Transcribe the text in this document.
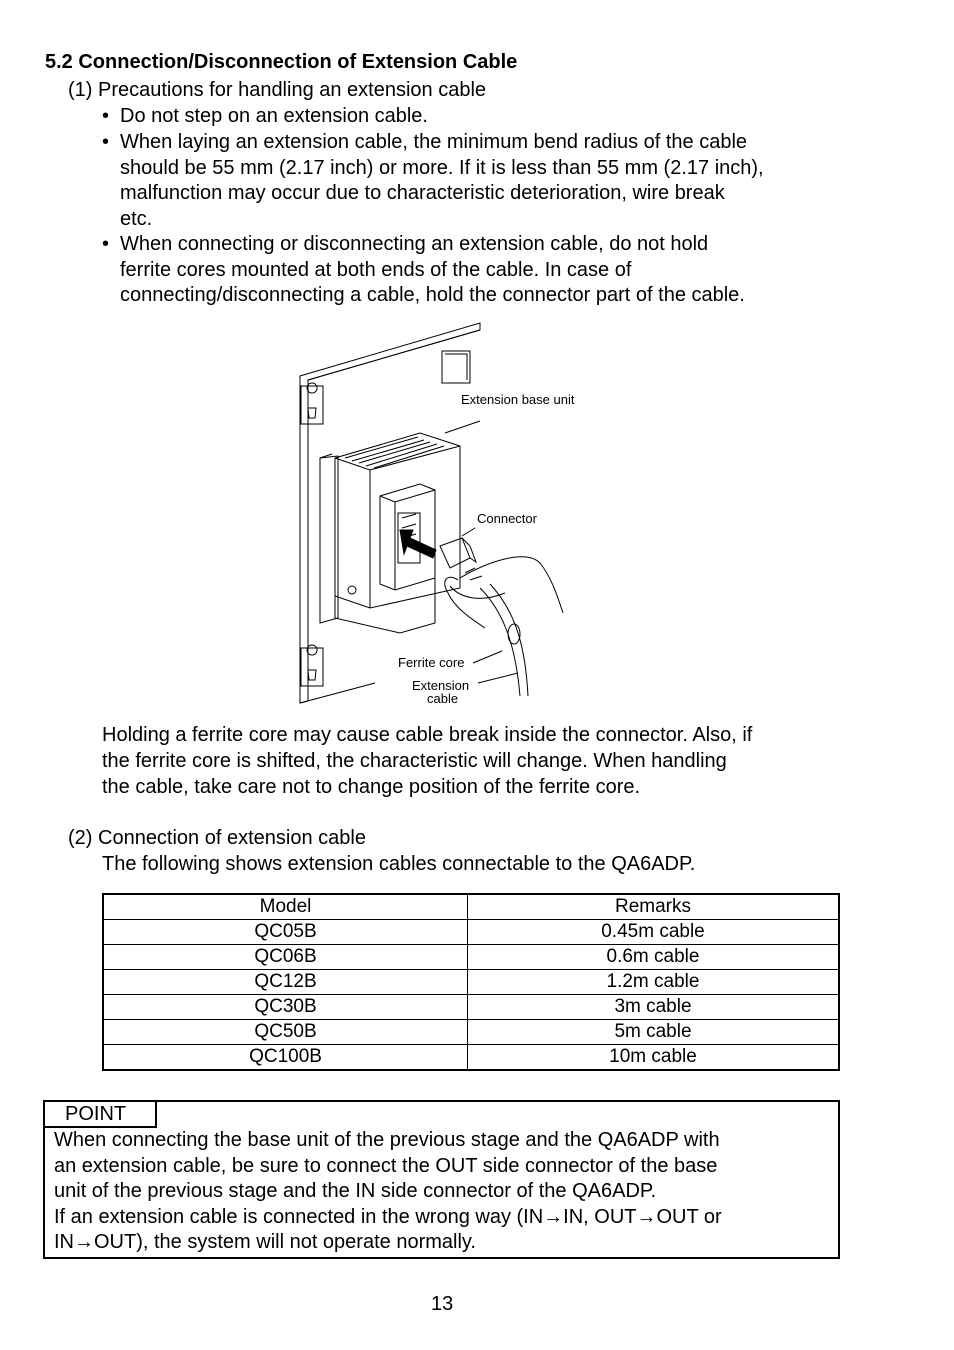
5.2 Connection/Disconnection of Extension Cable
(1) Precautions for handling an extension cable
• Do not step on an extension cable.
• When laying an extension cable, the minimum bend radius of the cable
should be 55 mm (2.17 inch) or more. If it is less than 55 mm (2.17 inch),
malfunction may occur due to characteristic deterioration, wire break
etc.
• When connecting or disconnecting an extension cable, do not hold
ferrite cores mounted at both ends of the cable. In case of
connecting/disconnecting a cable, hold the connector part of the cable.
Extension base unit
Connector
Ferrite core
Extension
cable
Holding a ferrite core may cause cable break inside the connector. Also, if
the ferrite core is shifted, the characteristic will change. When handling
the cable, take care not to change position of the ferrite core.
(2) Connection of extension cable
The following shows extension cables connectable to the QA6ADP.
Model	Remarks
QC05B	0.45m cable
QC06B	0.6m cable
QC12B	1.2m cable
QC30B	3m cable
QC50B	5m cable
QC100B	10m cable
POINT
When connecting the base unit of the previous stage and the QA6ADP with
an extension cable, be sure to connect the OUT side connector of the base
unit of the previous stage and the IN side connector of the QA6ADP.
If an extension cable is connected in the wrong way (IN→IN, OUT→OUT or
IN→OUT), the system will not operate normally.
13
